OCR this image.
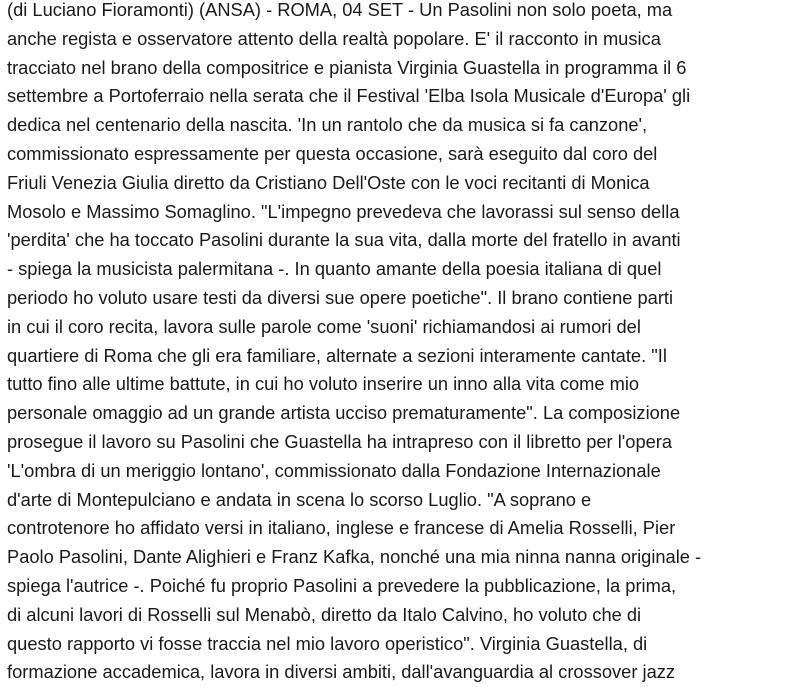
(di Luciano Fioramonti) (ANSA) - ROMA, 04 SET - Un Pasolini non solo poeta, ma
anche regista e osservatore attento della realtà popolare. E' il racconto in musica
tracciato nel brano della compositrice e pianista Virginia Guastella in programma il 6
settembre a Portoferraio nella serata che il Festival 'Elba Isola Musicale d'Europa' gli
dedica nel centenario della nascita. 'In un rantolo che da musica si fa canzone',
commissionato espressamente per questa occasione, sarà eseguito dal coro del
Friuli Venezia Giulia diretto da Cristiano Dell'Oste con le voci recitanti di Monica
Mosolo e Massimo Somaglino. "L'impegno prevedeva che lavorassi sul senso della
'perdita' che ha toccato Pasolini durante la sua vita, dalla morte del fratello in avanti
- spiega la musicista palermitana -. In quanto amante della poesia italiana di quel
periodo ho voluto usare testi da diversi sue opere poetiche". Il brano contiene parti
in cui il coro recita, lavora sulle parole come 'suoni' richiamandosi ai rumori del
quartiere di Roma che gli era familiare, alternate a sezioni interamente cantate. "Il
tutto fino alle ultime battute, in cui ho voluto inserire un inno alla vita come mio
personale omaggio ad un grande artista ucciso prematuramente". La composizione
prosegue il lavoro su Pasolini che Guastella ha intrapreso con il libretto per l'opera
'L'ombra di un meriggio lontano', commissionato dalla Fondazione Internazionale
d'arte di Montepulciano e andata in scena lo scorso Luglio. "A soprano e
controtenore ho affidato versi in italiano, inglese e francese di Amelia Rosselli, Pier
Paolo Pasolini, Dante Alighieri e Franz Kafka, nonché una mia ninna nanna originale -
spiega l'autrice -. Poiché fu proprio Pasolini a prevedere la pubblicazione, la prima,
di alcuni lavori di Rosselli sul Menabò, diretto da Italo Calvino, ho voluto che di
questo rapporto vi fosse traccia nel mio lavoro operistico". Virginia Guastella, di
formazione accademica, lavora in diversi ambiti, dall'avanguardia al crossover jazz
